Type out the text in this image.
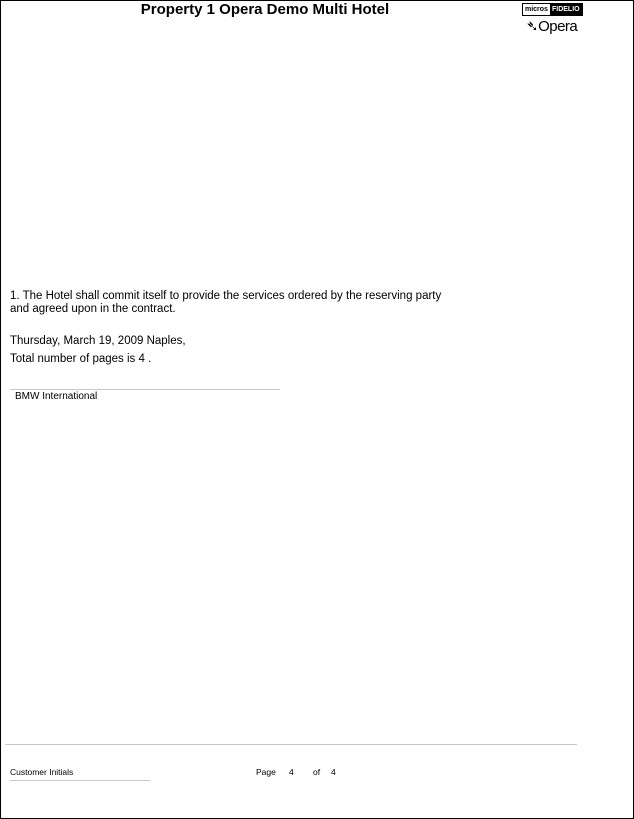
Property 1 Opera Demo Multi Hotel	micros FIDELIO
➴Opera
1. The Hotel shall commit itself to provide the services ordered by the reserving party
and agreed upon in the contract.
Thursday, March 19, 2009 Naples,
Total number of pages is 4 .
BMW International
Customer Initials	Page 4 of 4
